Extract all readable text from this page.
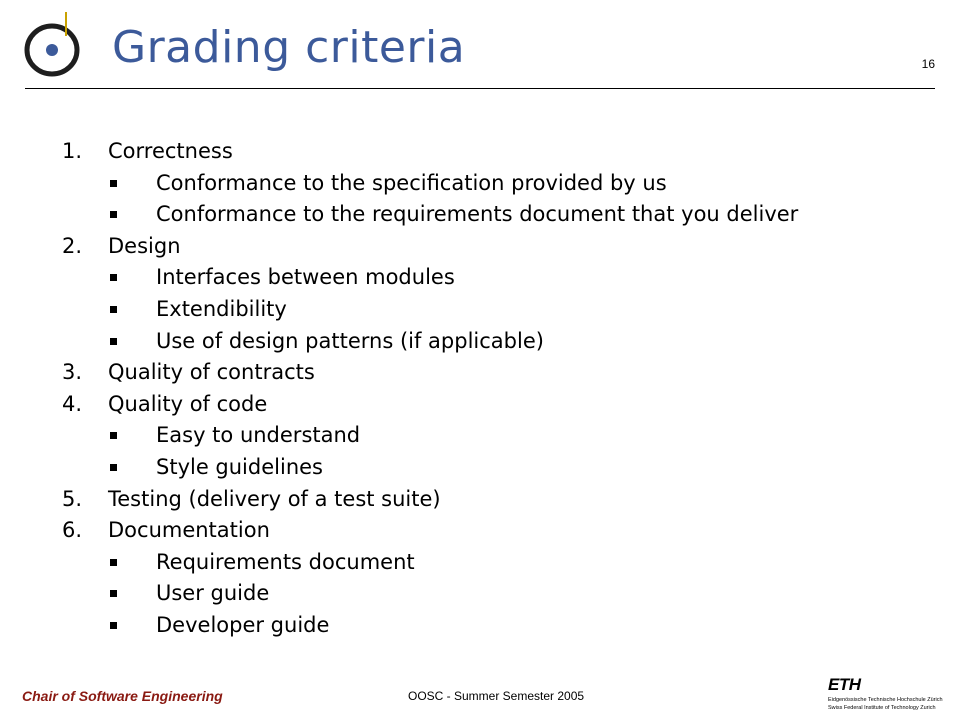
Grading criteria	16
1. Correctness
Conformance to the specification provided by us
Conformance to the requirements document that you deliver
2. Design
Interfaces between modules
Extendibility
Use of design patterns (if applicable)
3. Quality of contracts
4. Quality of code
Easy to understand
Style guidelines
5. Testing (delivery of a test suite)
6. Documentation
Requirements document
User guide
Developer guide
Chair of Software Engineering	OOSC - Summer Semester 2005
ETH
Eidgenössische Technische Hochschule Zürich
Swiss Federal Institute of Technology Zurich
